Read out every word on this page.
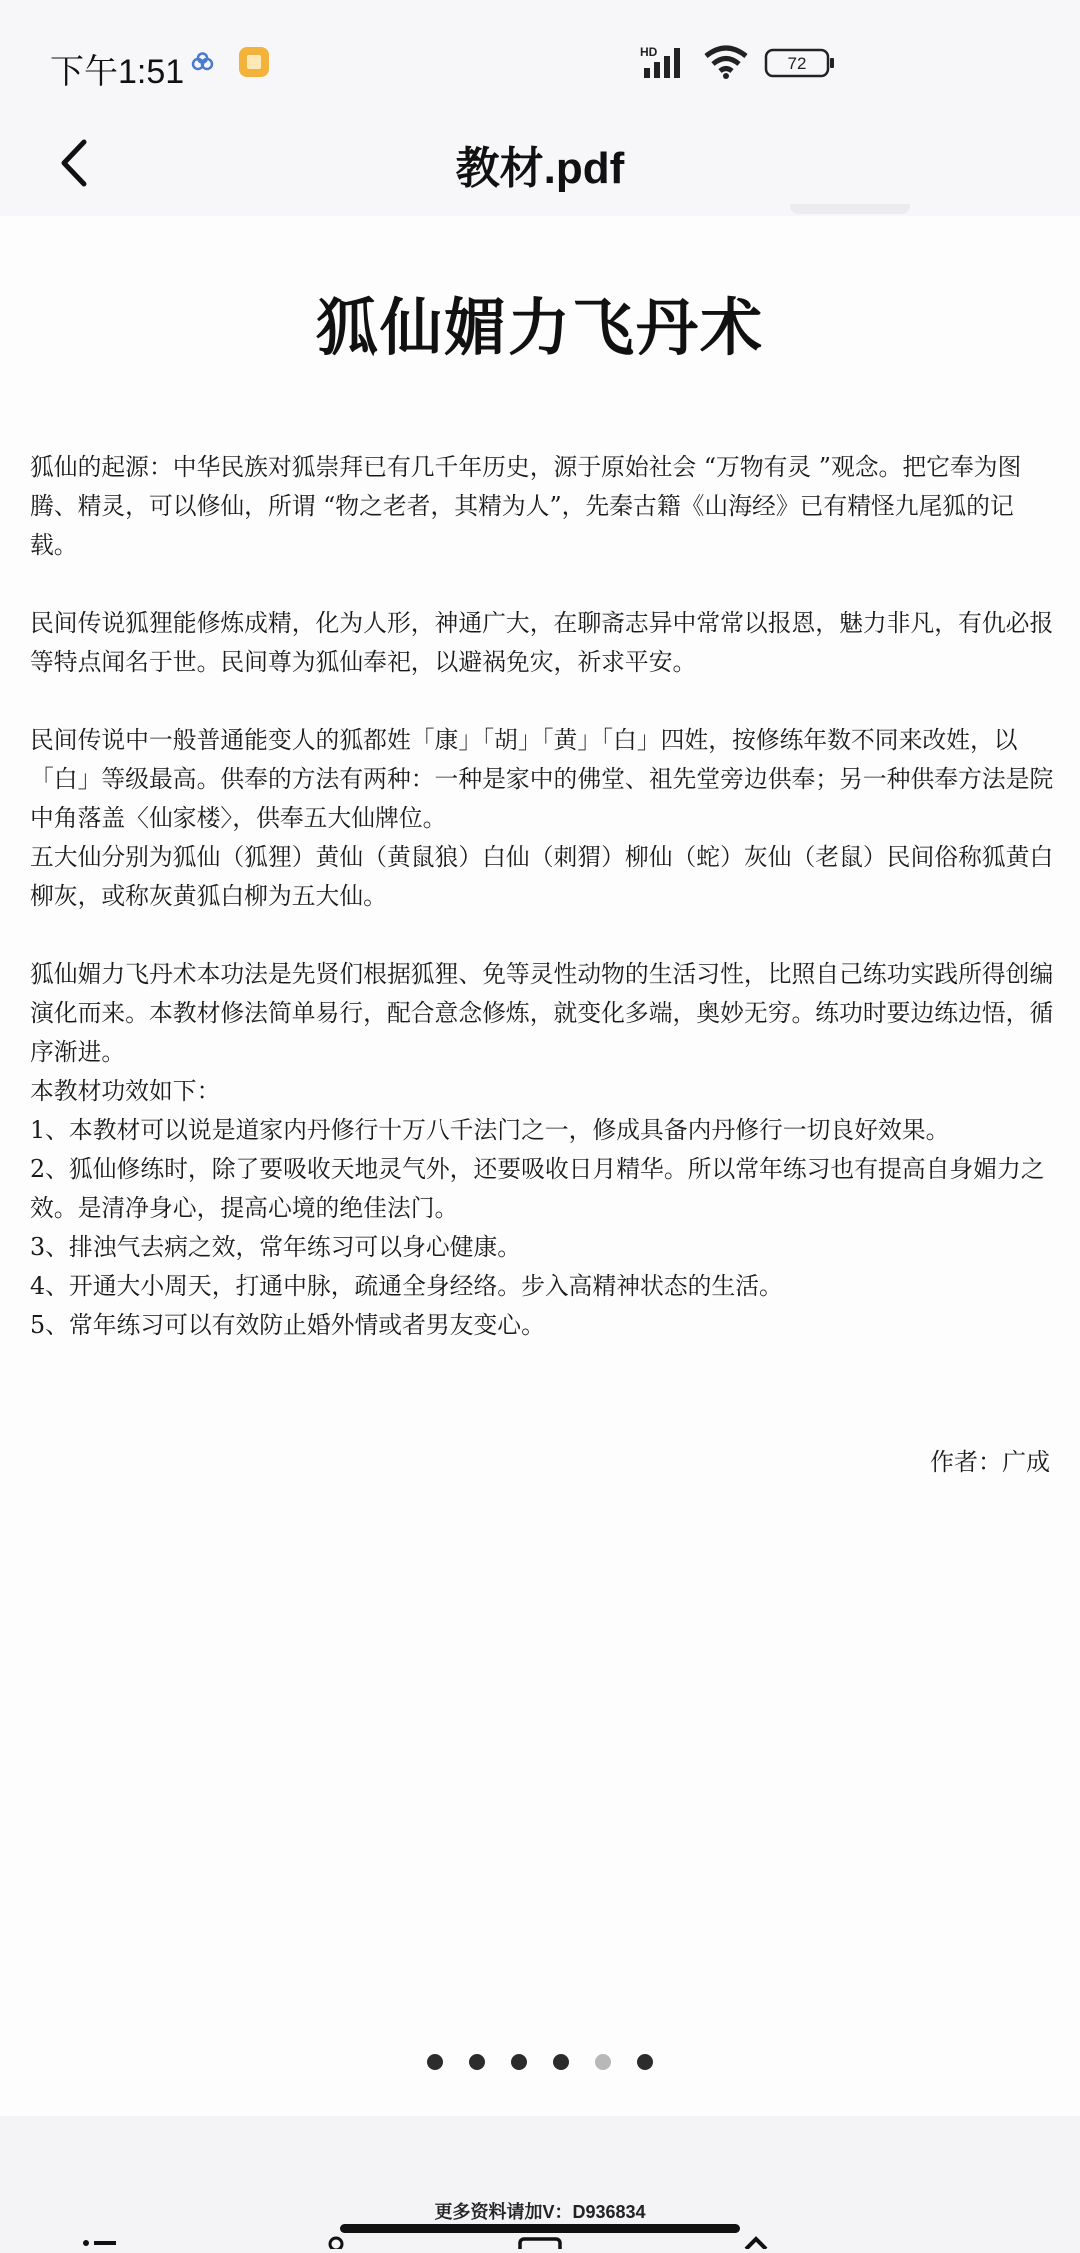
下午1:51
HD
72
教材.pdf
狐仙媚力飞丹术

狐仙的起源：中华民族对狐崇拜已有几千年历史，源于原始社会 “万物有灵 ”观念。把它奉为图腾、精灵，可以修仙，所谓 “物之老者，其精为人”，先秦古籍《山海经》已有精怪九尾狐的记载。

民间传说狐狸能修炼成精，化为人形，神通广大，在聊斋志异中常常以报恩，魅力非凡，有仇必报等特点闻名于世。民间尊为狐仙奉祀，以避祸免灾，祈求平安。

民间传说中一般普通能变人的狐都姓「康」「胡」「黄」「白」四姓，按修练年数不同来改姓，以「白」等级最高。供奉的方法有两种：一种是家中的佛堂、祖先堂旁边供奉；另一种供奉方法是院中角落盖〈仙家楼〉，供奉五大仙牌位。

五大仙分别为狐仙（狐狸）黄仙（黄鼠狼）白仙（刺猬）柳仙（蛇）灰仙（老鼠）民间俗称狐黄白柳灰，或称灰黄狐白柳为五大仙。

狐仙媚力飞丹术本功法是先贤们根据狐狸、免等灵性动物的生活习性，比照自己练功实践所得创编演化而来。本教材修法简单易行，配合意念修炼，就变化多端，奥妙无穷。练功时要边练边悟，循序渐进。

本教材功效如下：

1、本教材可以说是道家内丹修行十万八千法门之一，修成具备内丹修行一切良好效果。

2、狐仙修练时，除了要吸收天地灵气外，还要吸收日月精华。所以常年练习也有提高自身媚力之效。是清净身心，提高心境的绝佳法门。

3、排浊气去病之效，常年练习可以身心健康。

4、开通大小周天，打通中脉，疏通全身经络。步入高精神状态的生活。

5、常年练习可以有效防止婚外情或者男友变心。

作者：广成
更多资料请加V：D936834
